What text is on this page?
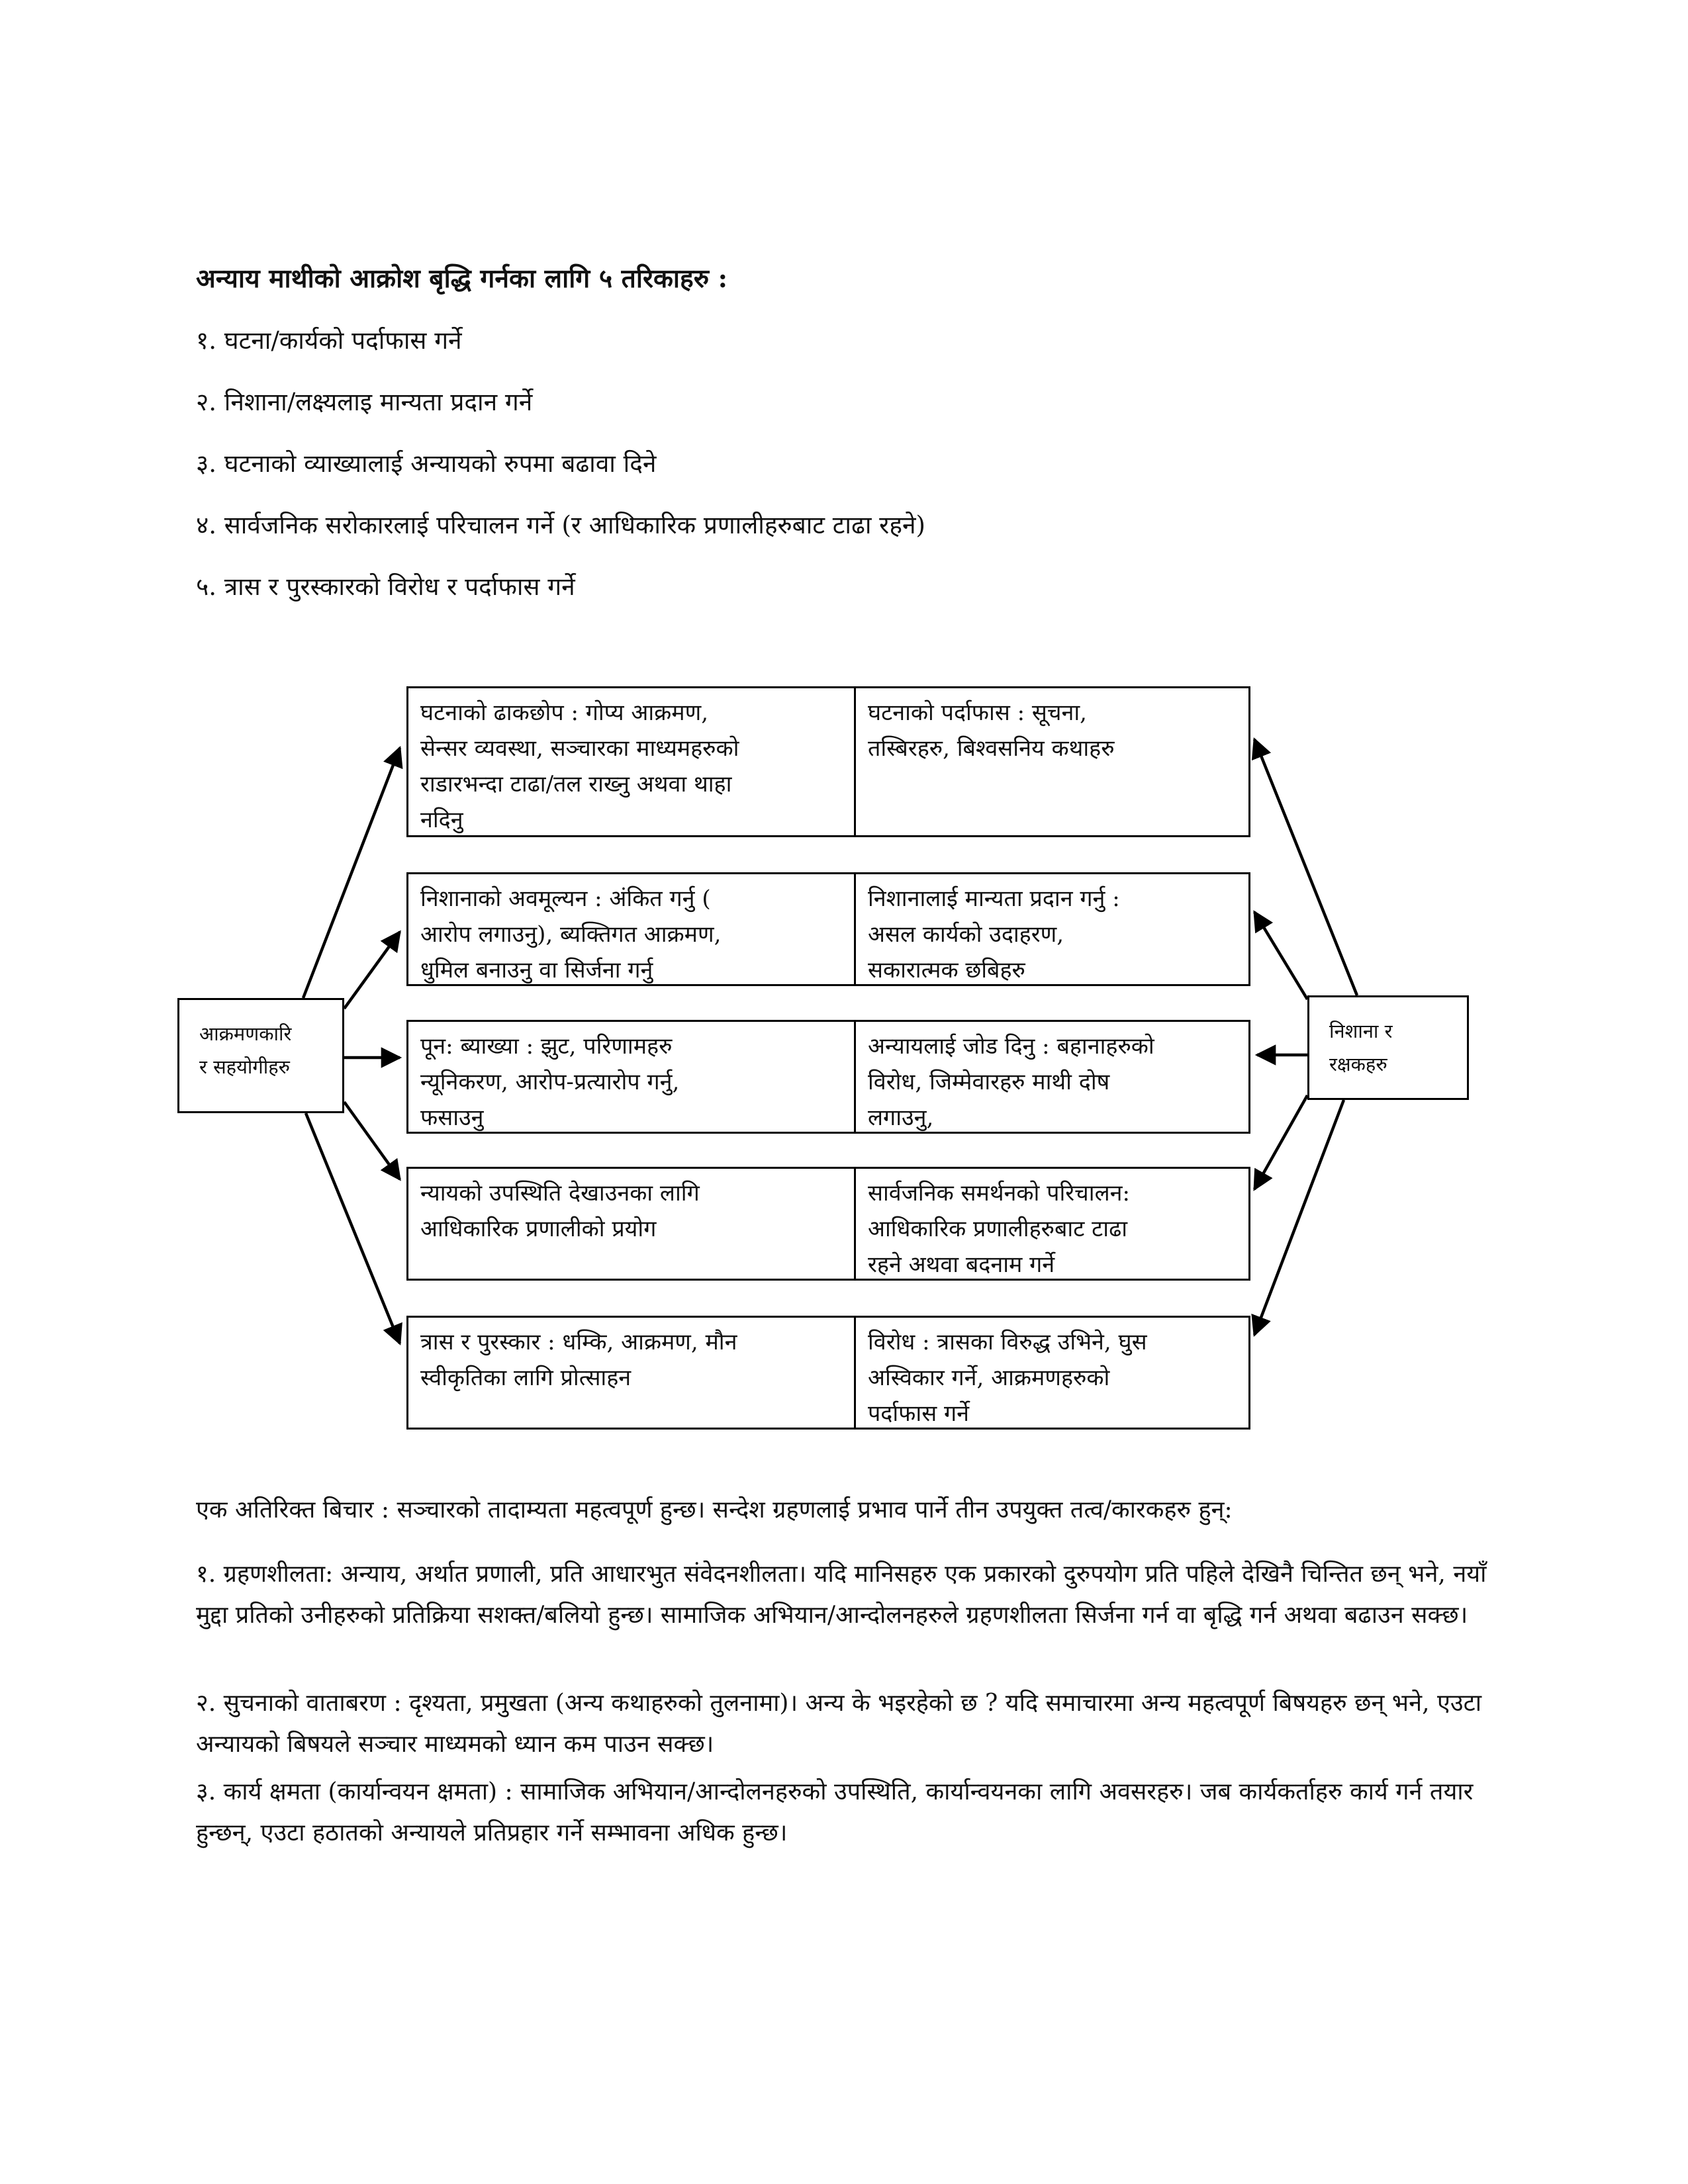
अन्याय माथीको आक्रोश बृद्धि गर्नका लागि ५ तरिकाहरु :

१. घटना/कार्यको पर्दाफास गर्ने

२. निशाना/लक्ष्यलाइ मान्यता प्रदान गर्ने

३. घटनाको व्याख्यालाई अन्यायको रुपमा बढावा दिने

४. सार्वजनिक सरोकारलाई परिचालन गर्ने (र आधिकारिक प्रणालीहरुबाट टाढा रहने)

५. त्रास र पुरस्कारको विरोध र पर्दाफास गर्ने

आक्रमणकारि
र सहयोगीहरु
निशाना र
रक्षकहरु
घटनाको ढाकछोप : गोप्य आक्रमण,
सेन्सर व्यवस्था, सञ्चारका माध्यमहरुको
राडारभन्दा टाढा/तल राख्नु अथवा थाहा
नदिनु
घटनाको पर्दाफास : सूचना,
तस्बिरहरु, बिश्वसनिय कथाहरु
निशानाको अवमूल्यन : अंकित गर्नु (
आरोप लगाउनु), ब्यक्तिगत आक्रमण,
धुमिल बनाउनु वा सिर्जना गर्नु
निशानालाई मान्यता प्रदान गर्नु :
असल कार्यको उदाहरण,
सकारात्मक छबिहरु
पून: ब्याख्या : झुट, परिणामहरु
न्यूनिकरण, आरोप-प्रत्यारोप गर्नु,
फसाउनु
अन्यायलाई जोड दिनु : बहानाहरुको
विरोध, जिम्मेवारहरु माथी दोष
लगाउनु,
न्यायको उपस्थिति देखाउनका लागि
आधिकारिक प्रणालीको प्रयोग
सार्वजनिक समर्थनको परिचालन:
आधिकारिक प्रणालीहरुबाट टाढा
रहने अथवा बदनाम गर्ने
त्रास र पुरस्कार : धम्कि, आक्रमण, मौन
स्वीकृतिका लागि प्रोत्साहन
विरोध : त्रासका विरुद्ध उभिने, घुस
अस्विकार गर्ने, आक्रमणहरुको
पर्दाफास गर्ने

एक अतिरिक्त बिचार : सञ्चारको तादाम्यता महत्वपूर्ण हुन्छ। सन्देश ग्रहणलाई प्रभाव पार्ने तीन उपयुक्त तत्व/कारकहरु हुन्:

१. ग्रहणशीलता: अन्याय, अर्थात प्रणाली, प्रति आधारभुत संवेदनशीलता। यदि मानिसहरु एक प्रकारको दुरुपयोग प्रति पहिले देखिनै चिन्तित छन् भने, नयाँ मुद्दा प्रतिको उनीहरुको प्रतिक्रिया सशक्त/बलियो हुन्छ। सामाजिक अभियान/आन्दोलनहरुले ग्रहणशीलता सिर्जना गर्न वा बृद्धि गर्न अथवा बढाउन सक्छ।

२. सुचनाको वाताबरण : दृश्यता, प्रमुखता (अन्य कथाहरुको तुलनामा)। अन्य के भइरहेको छ ? यदि समाचारमा अन्य महत्वपूर्ण बिषयहरु छन् भने, एउटा अन्यायको बिषयले सञ्चार माध्यमको ध्यान कम पाउन सक्छ।

३. कार्य क्षमता (कार्यान्वयन क्षमता) : सामाजिक अभियान/आन्दोलनहरुको उपस्थिति, कार्यान्वयनका लागि अवसरहरु। जब कार्यकर्ताहरु कार्य गर्न तयार हुन्छन्, एउटा हठातको अन्यायले प्रतिप्रहार गर्ने सम्भावना अधिक हुन्छ।
